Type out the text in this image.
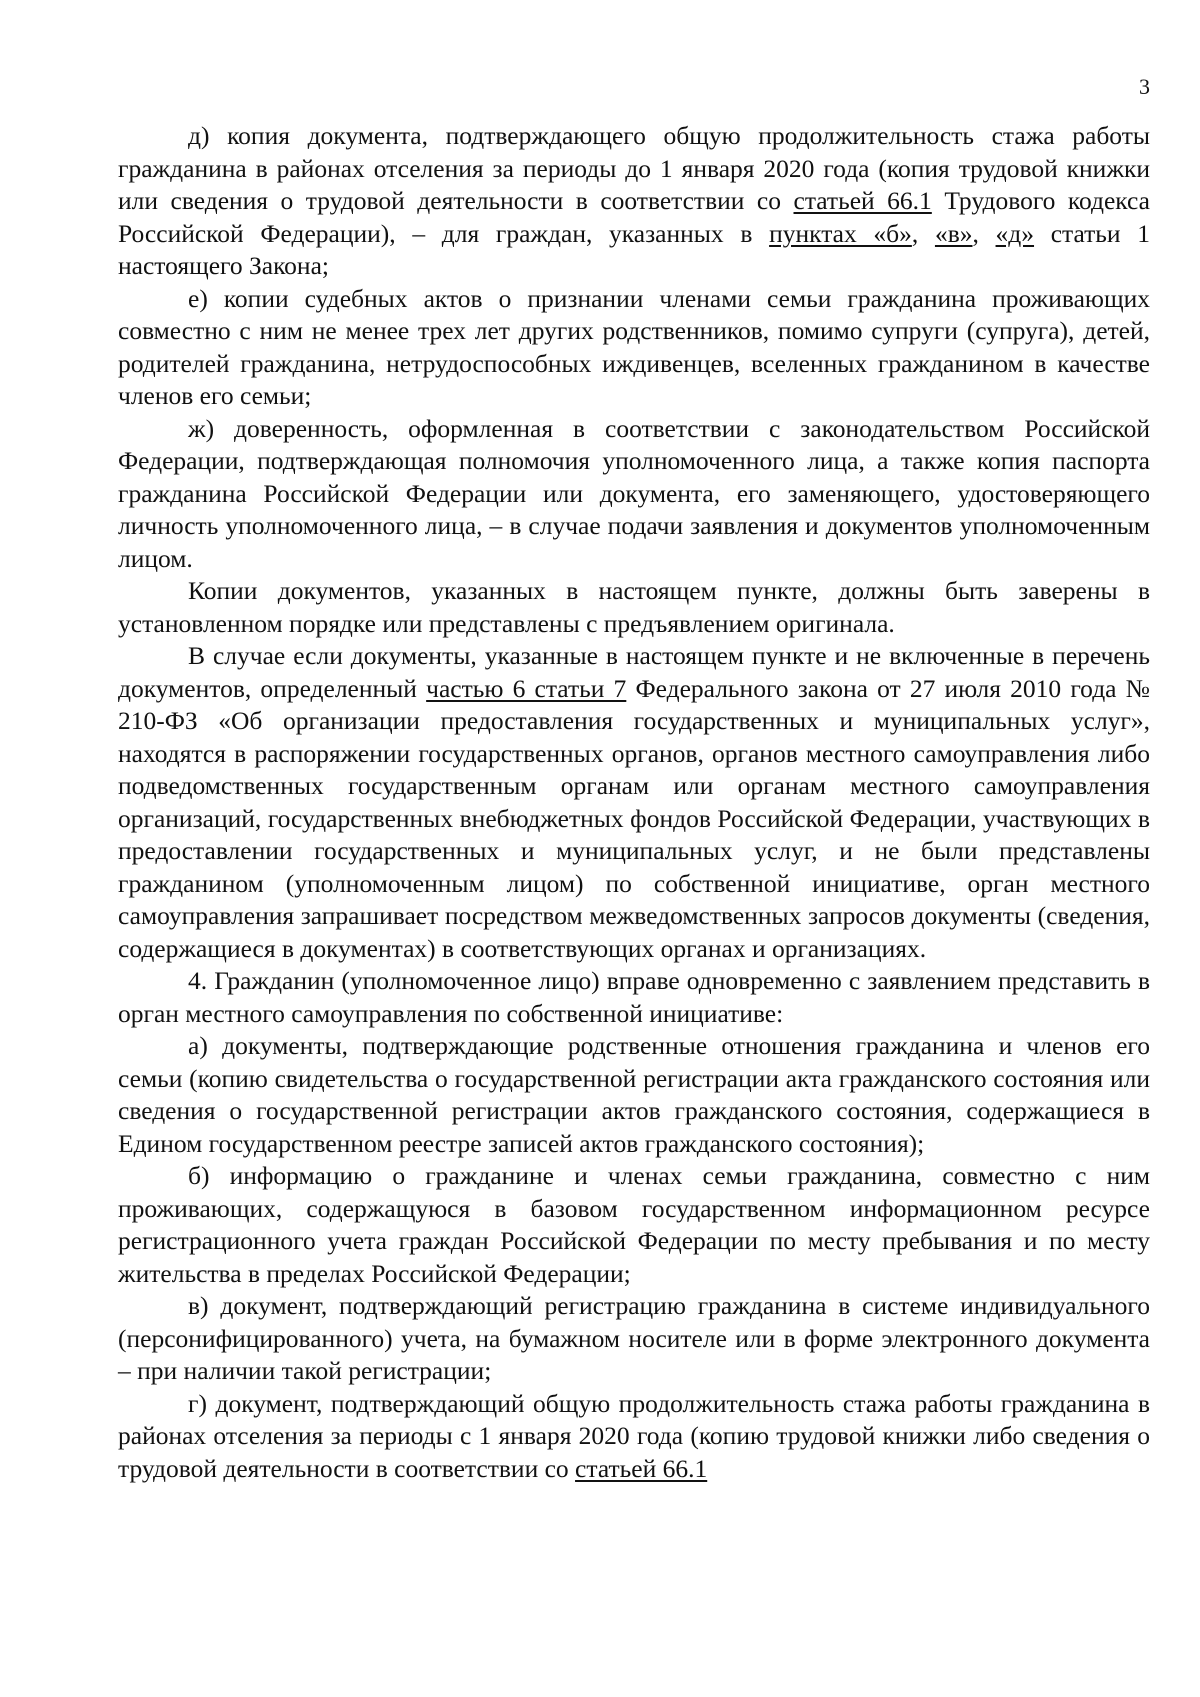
3

д) копия документа, подтверждающего общую продолжительность стажа работы гражданина в районах отселения за периоды до 1 января 2020 года (копия трудовой книжки или сведения о трудовой деятельности в соответствии со статьей 66.1 Трудового кодекса Российской Федерации), – для граждан, указанных в пунктах «б», «в», «д» статьи 1 настоящего Закона;

е) копии судебных актов о признании членами семьи гражданина проживающих совместно с ним не менее трех лет других родственников, помимо супруги (супруга), детей, родителей гражданина, нетрудоспособных иждивенцев, вселенных гражданином в качестве членов его семьи;

ж) доверенность, оформленная в соответствии с законодательством Российской Федерации, подтверждающая полномочия уполномоченного лица, а также копия паспорта гражданина Российской Федерации или документа, его заменяющего, удостоверяющего личность уполномоченного лица, – в случае подачи заявления и документов уполномоченным лицом.

Копии документов, указанных в настоящем пункте, должны быть заверены в установленном порядке или представлены с предъявлением оригинала.

В случае если документы, указанные в настоящем пункте и не включенные в перечень документов, определенный частью 6 статьи 7 Федерального закона от 27 июля 2010 года № 210-ФЗ «Об организации предоставления государственных и муниципальных услуг», находятся в распоряжении государственных органов, органов местного самоуправления либо подведомственных государственным органам или органам местного самоуправления организаций, государственных внебюджетных фондов Российской Федерации, участвующих в предоставлении государственных и муниципальных услуг, и не были представлены гражданином (уполномоченным лицом) по собственной инициативе, орган местного самоуправления запрашивает посредством межведомственных запросов документы (сведения, содержащиеся в документах) в соответствующих органах и организациях.

4. Гражданин (уполномоченное лицо) вправе одновременно с заявлением представить в орган местного самоуправления по собственной инициативе:

а) документы, подтверждающие родственные отношения гражданина и членов его семьи (копию свидетельства о государственной регистрации акта гражданского состояния или сведения о государственной регистрации актов гражданского состояния, содержащиеся в Едином государственном реестре записей актов гражданского состояния);

б) информацию о гражданине и членах семьи гражданина, совместно с ним проживающих, содержащуюся в базовом государственном информационном ресурсе регистрационного учета граждан Российской Федерации по месту пребывания и по месту жительства в пределах Российской Федерации;

в) документ, подтверждающий регистрацию гражданина в системе индивидуального (персонифицированного) учета, на бумажном носителе или в форме электронного документа – при наличии такой регистрации;

г) документ, подтверждающий общую продолжительность стажа работы гражданина в районах отселения за периоды с 1 января 2020 года (копию трудовой книжки либо сведения о трудовой деятельности в соответствии со статьей 66.1
